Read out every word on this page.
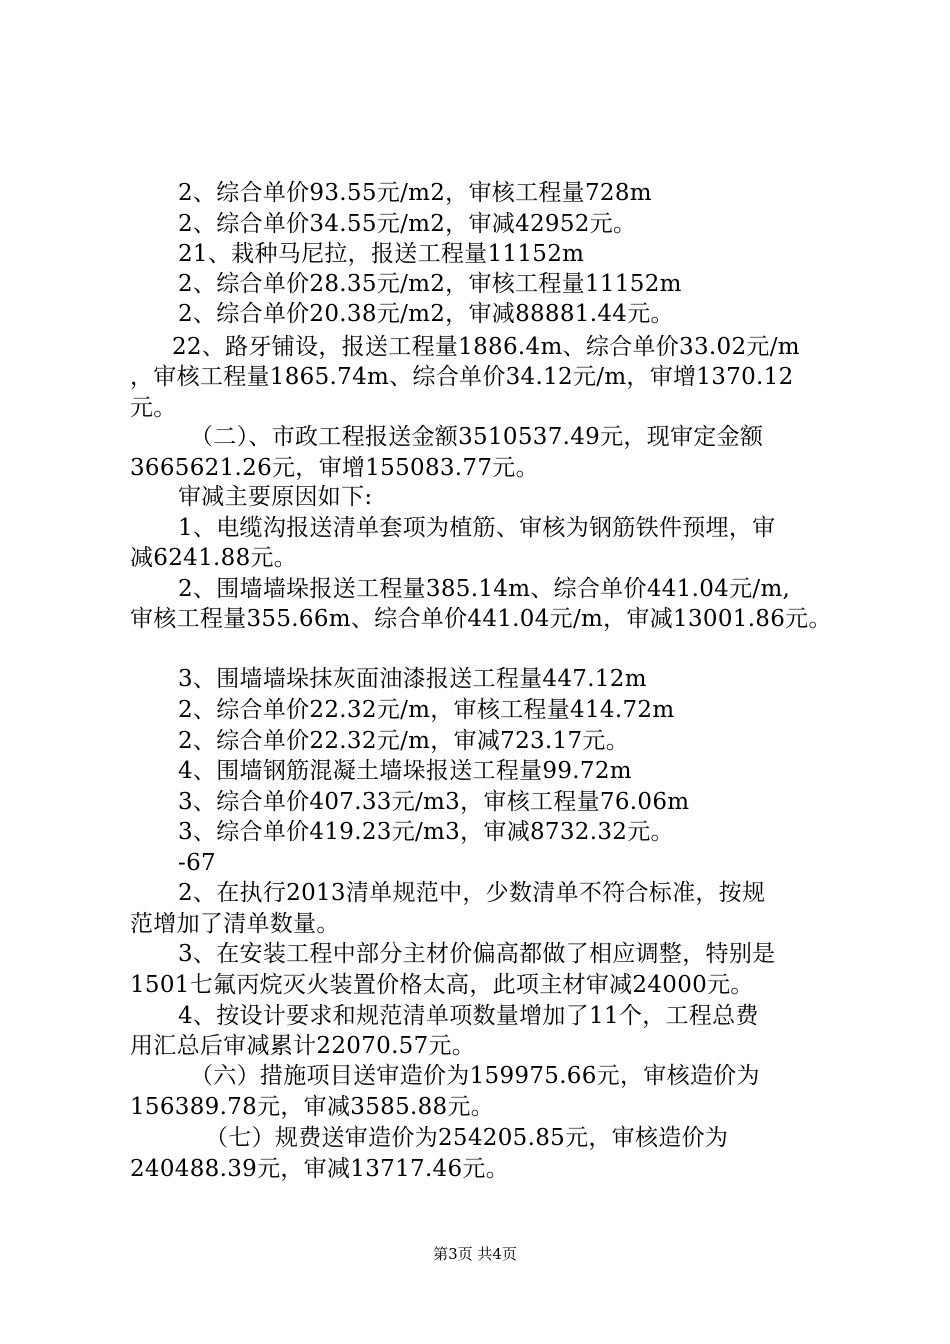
2、综合单价93.55元/m2，审核工程量728m
2、综合单价34.55元/m2，审减42952元。
21、栽种马尼拉，报送工程量11152m
2、综合单价28.35元/m2，审核工程量11152m
2、综合单价20.38元/m2，审减88881.44元。
22、路牙铺设，报送工程量1886.4m、综合单价33.02元/m
，审核工程量1865.74m、综合单价34.12元/m，审增1370.12
元。
（二）、市政工程报送金额3510537.49元，现审定金额
3665621.26元，审增155083.77元。
审减主要原因如下:
1、电缆沟报送清单套项为植筋、审核为钢筋铁件预埋，审
减6241.88元。
2、围墙墙垛报送工程量385.14m、综合单价441.04元/m,
审核工程量355.66m、综合单价441.04元/m，审减13001.86元。
3、围墙墙垛抹灰面油漆报送工程量447.12m
2、综合单价22.32元/m，审核工程量414.72m
2、综合单价22.32元/m，审减723.17元。
4、围墙钢筋混凝土墙垛报送工程量99.72m
3、综合单价407.33元/m3，审核工程量76.06m
3、综合单价419.23元/m3，审减8732.32元。
-67
2、在执行2013清单规范中，少数清单不符合标准，按规
范增加了清单数量。
3、在安装工程中部分主材价偏高都做了相应调整，特别是
1501七氟丙烷灭火装置价格太高，此项主材审减24000元。
4、按设计要求和规范清单项数量增加了11个，工程总费
用汇总后审减累计22070.57元。
（六）措施项目送审造价为159975.66元，审核造价为
156389.78元，审减3585.88元。
（七）规费送审造价为254205.85元，审核造价为
240488.39元，审减13717.46元。
第3页 共4页
